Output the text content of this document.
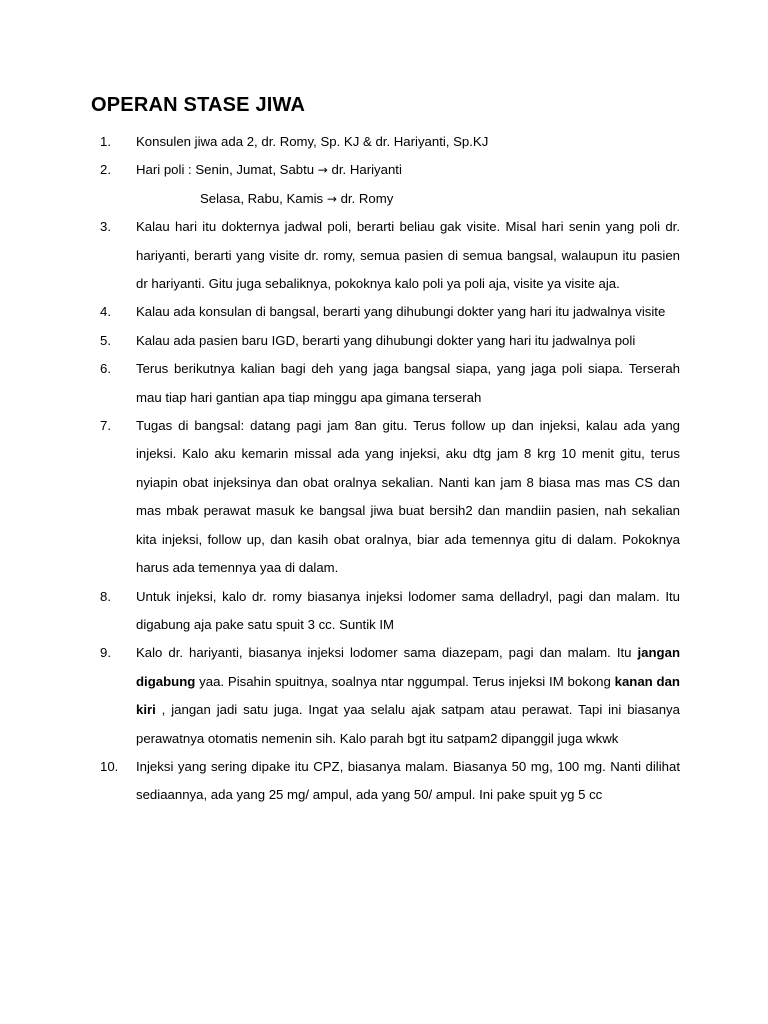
OPERAN STASE JIWA
1.	Konsulen jiwa ada 2, dr. Romy, Sp. KJ & dr. Hariyanti, Sp.KJ
2.	Hari poli : Senin, Jumat, Sabtu → dr. Hariyanti
Selasa, Rabu, Kamis → dr. Romy
3.	Kalau hari itu dokternya jadwal poli, berarti beliau gak visite. Misal hari senin yang poli dr. hariyanti, berarti yang visite dr. romy, semua pasien di semua bangsal, walaupun itu pasien dr hariyanti. Gitu juga sebaliknya, pokoknya kalo poli ya poli aja, visite ya visite aja.
4.	Kalau ada konsulan di bangsal, berarti yang dihubungi dokter yang hari itu jadwalnya visite
5.	Kalau ada pasien baru IGD, berarti yang dihubungi dokter yang hari itu jadwalnya poli
6.	Terus berikutnya kalian bagi deh yang jaga bangsal siapa, yang jaga poli siapa. Terserah mau tiap hari gantian apa tiap minggu apa gimana terserah
7.	Tugas di bangsal: datang pagi jam 8an gitu. Terus follow up dan injeksi, kalau ada yang injeksi. Kalo aku kemarin missal ada yang injeksi, aku dtg jam 8 krg 10 menit gitu, terus nyiapin obat injeksinya dan obat oralnya sekalian. Nanti kan jam 8 biasa mas mas CS dan mas mbak perawat masuk ke bangsal jiwa buat bersih2 dan mandiin pasien, nah sekalian kita injeksi, follow up, dan kasih obat oralnya, biar ada temennya gitu di dalam. Pokoknya harus ada temennya yaa di dalam.
8.	Untuk injeksi, kalo dr. romy biasanya injeksi lodomer sama delladryl, pagi dan malam. Itu digabung aja pake satu spuit 3 cc. Suntik IM
9.	Kalo dr. hariyanti, biasanya injeksi lodomer sama diazepam, pagi dan malam. Itu jangan digabung yaa. Pisahin spuitnya, soalnya ntar nggumpal. Terus injeksi IM bokong kanan dan kiri , jangan jadi satu juga. Ingat yaa selalu ajak satpam atau perawat. Tapi ini biasanya perawatnya otomatis nemenin sih. Kalo parah bgt itu satpam2 dipanggil juga wkwk
10.	Injeksi yang sering dipake itu CPZ, biasanya malam. Biasanya 50 mg, 100 mg. Nanti dilihat sediaannya, ada yang 25 mg/ ampul, ada yang 50/ ampul. Ini pake spuit yg 5 cc
